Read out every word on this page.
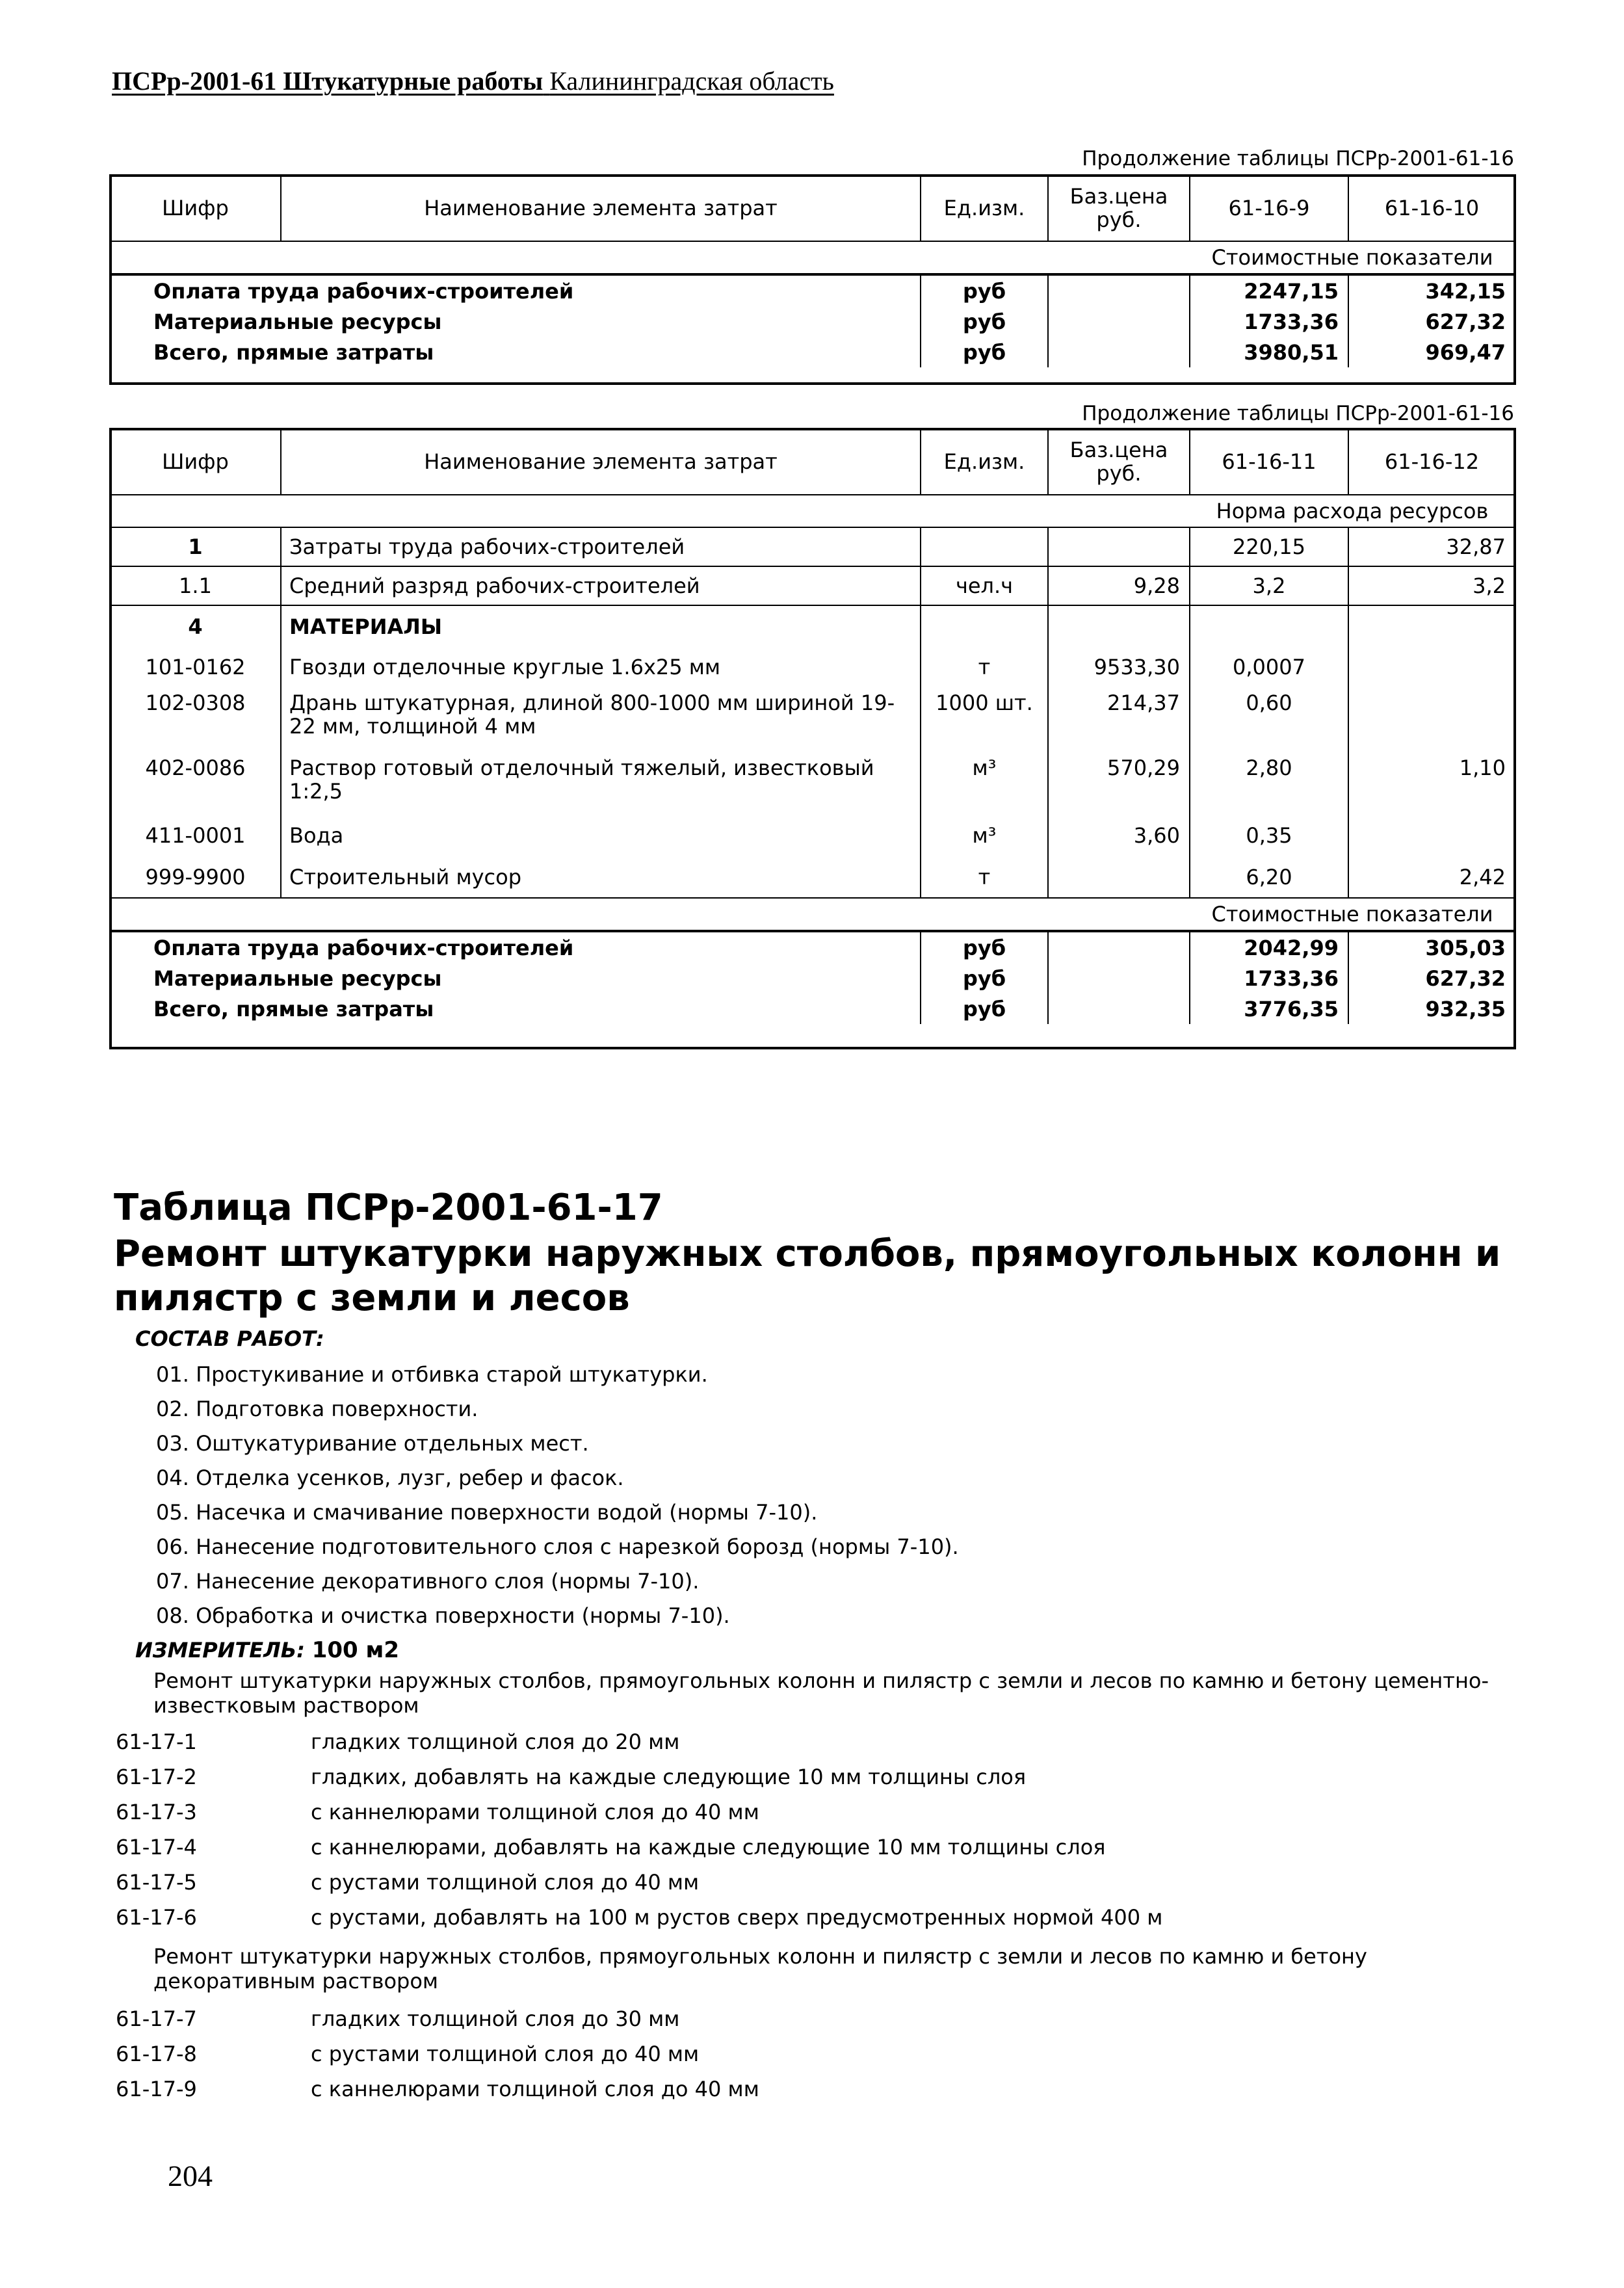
ПСРр-2001-61 Штукатурные работы Калининградская область
Продолжение таблицы ПСРр-2001-61-16
Шифр	Наименование элемента затрат	Ед.изм.	Баз.цена руб.	61-16-9	61-16-10
				Стоимостные показатели	
Оплата труда рабочих-строителей		руб		2247,15	342,15
Материальные ресурсы		руб		1733,36	627,32
Всего, прямые затраты		руб		3980,51	969,47
Продолжение таблицы ПСРр-2001-61-16
Шифр	Наименование элемента затрат	Ед.изм.	Баз.цена руб.	61-16-11	61-16-12
				Норма расхода ресурсов	
1	Затраты труда рабочих-строителей			220,15	32,87
1.1	Средний разряд рабочих-строителей	чел.ч	9,28	3,2	3,2
4	МАТЕРИАЛЫ				
101-0162	Гвозди отделочные круглые 1.6x25 мм	т	9533,30	0,0007	
102-0308	Дрань штукатурная, длиной 800-1000 мм шириной 19-22 мм, толщиной 4 мм	1000 шт.	214,37	0,60	
402-0086	Раствор готовый отделочный тяжелый, известковый 1:2,5	м³	570,29	2,80	1,10
411-0001	Вода	м³	3,60	0,35	
999-9900	Строительный мусор	т		6,20	2,42
				Стоимостные показатели	
Оплата труда рабочих-строителей		руб		2042,99	305,03
Материальные ресурсы		руб		1733,36	627,32
Всего, прямые затраты		руб		3776,35	932,35
Таблица ПСРр-2001-61-17
Ремонт штукатурки наружных столбов, прямоугольных колонн и пилястр с земли и лесов
СОСТАВ РАБОТ:
01. Простукивание и отбивка старой штукатурки.
02. Подготовка поверхности.
03. Оштукатуривание отдельных мест.
04. Отделка усенков, лузг, ребер и фасок.
05. Насечка и смачивание поверхности водой (нормы 7-10).
06. Нанесение подготовительного слоя с нарезкой борозд (нормы 7-10).
07. Нанесение декоративного слоя (нормы 7-10).
08. Обработка и очистка поверхности (нормы 7-10).
ИЗМЕРИТЕЛЬ: 100 м2
Ремонт штукатурки наружных столбов, прямоугольных колонн и пилястр с земли и лесов по камню и бетону цементно-известковым раствором
61-17-1	гладких толщиной слоя до 20 мм
61-17-2	гладких, добавлять на каждые следующие 10 мм толщины слоя
61-17-3	с каннелюрами толщиной слоя до 40 мм
61-17-4	с каннелюрами, добавлять на каждые следующие 10 мм толщины слоя
61-17-5	с рустами толщиной слоя до 40 мм
61-17-6	с рустами, добавлять на 100 м рустов сверх предусмотренных нормой 400 м
Ремонт штукатурки наружных столбов, прямоугольных колонн и пилястр с земли и лесов по камню и бетону декоративным раствором
61-17-7	гладких толщиной слоя до 30 мм
61-17-8	с рустами толщиной слоя до 40 мм
61-17-9	с каннелюрами толщиной слоя до 40 мм
204
